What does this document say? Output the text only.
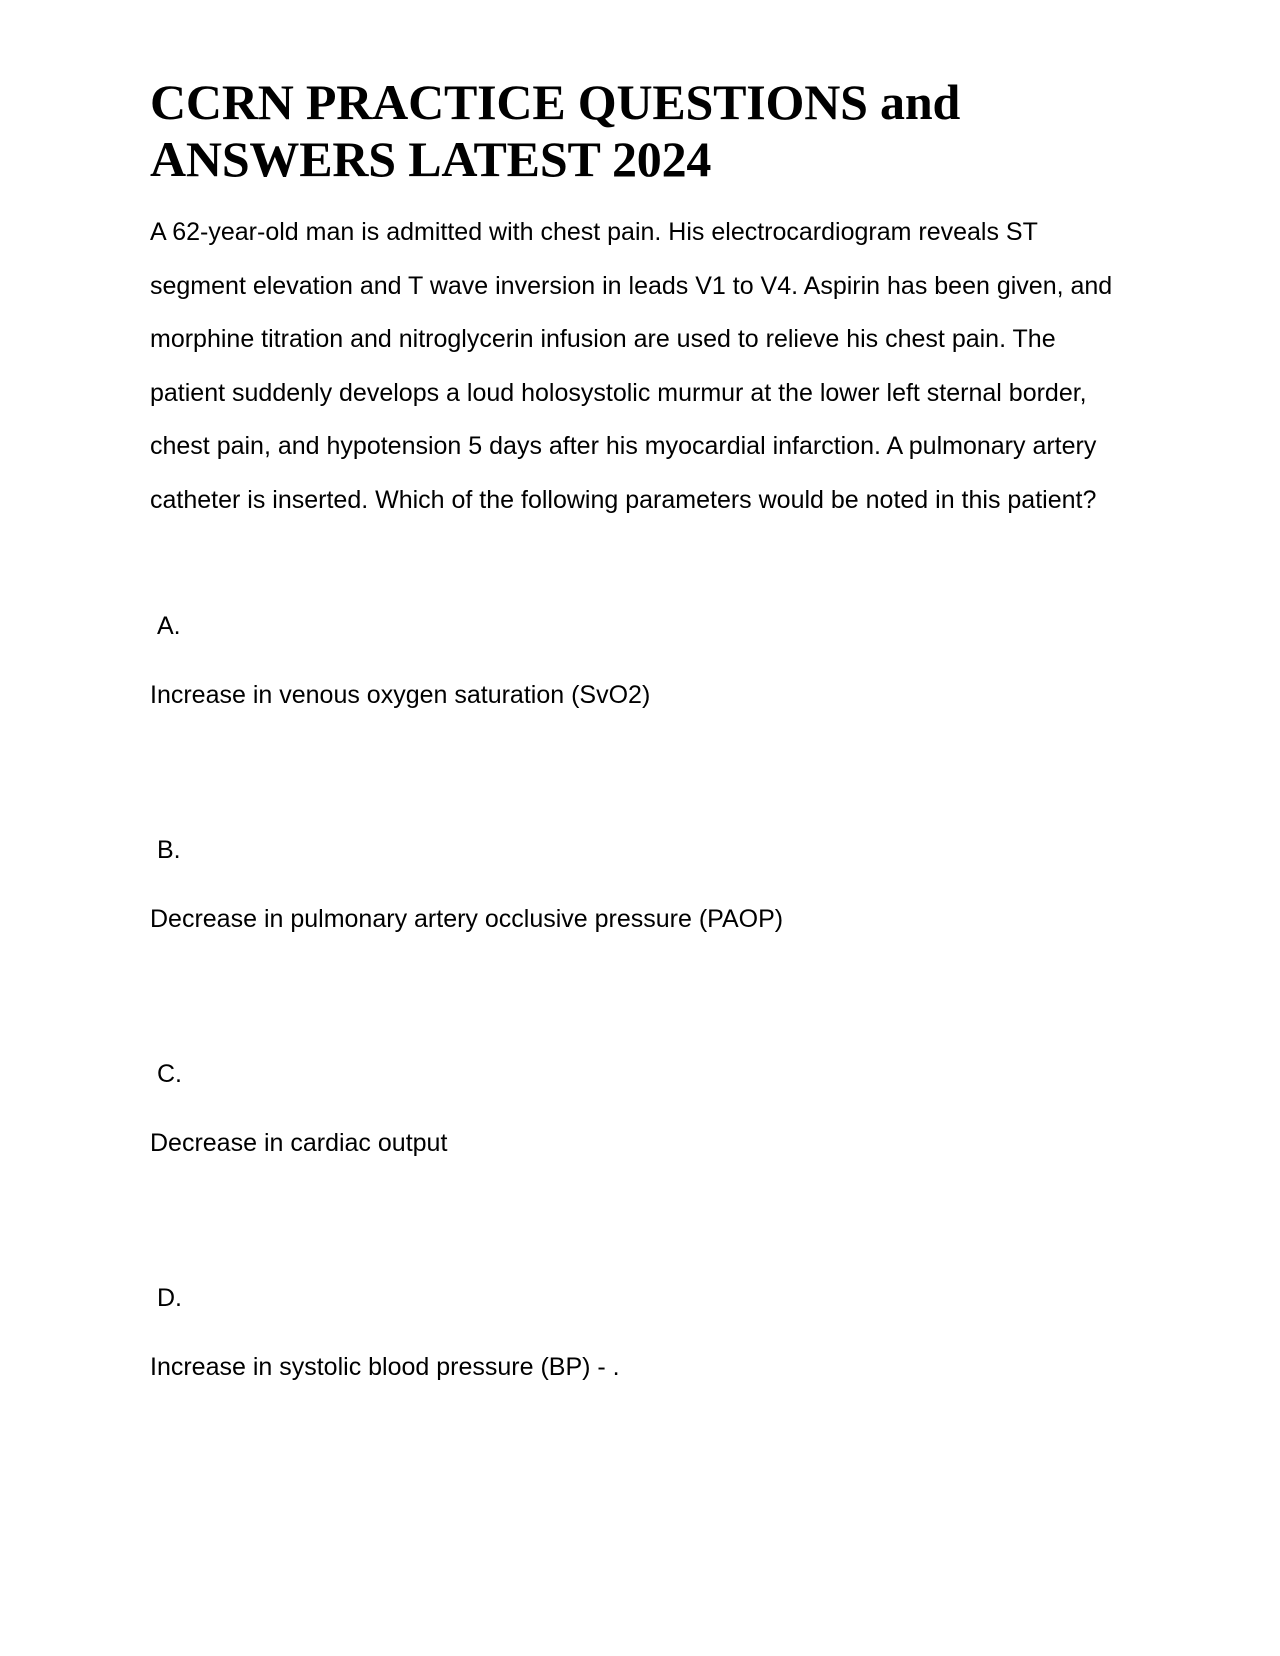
CCRN PRACTICE QUESTIONS and ANSWERS LATEST 2024

A 62-year-old man is admitted with chest pain. His electrocardiogram reveals ST segment elevation and T wave inversion in leads V1 to V4. Aspirin has been given, and morphine titration and nitroglycerin infusion are used to relieve his chest pain. The patient suddenly develops a loud holosystolic murmur at the lower left sternal border, chest pain, and hypotension 5 days after his myocardial infarction. A pulmonary artery catheter is inserted. Which of the following parameters would be noted in this patient?

A.

Increase in venous oxygen saturation (SvO2)

B.

Decrease in pulmonary artery occlusive pressure (PAOP)

C.

Decrease in cardiac output

D.

Increase in systolic blood pressure (BP) - .
